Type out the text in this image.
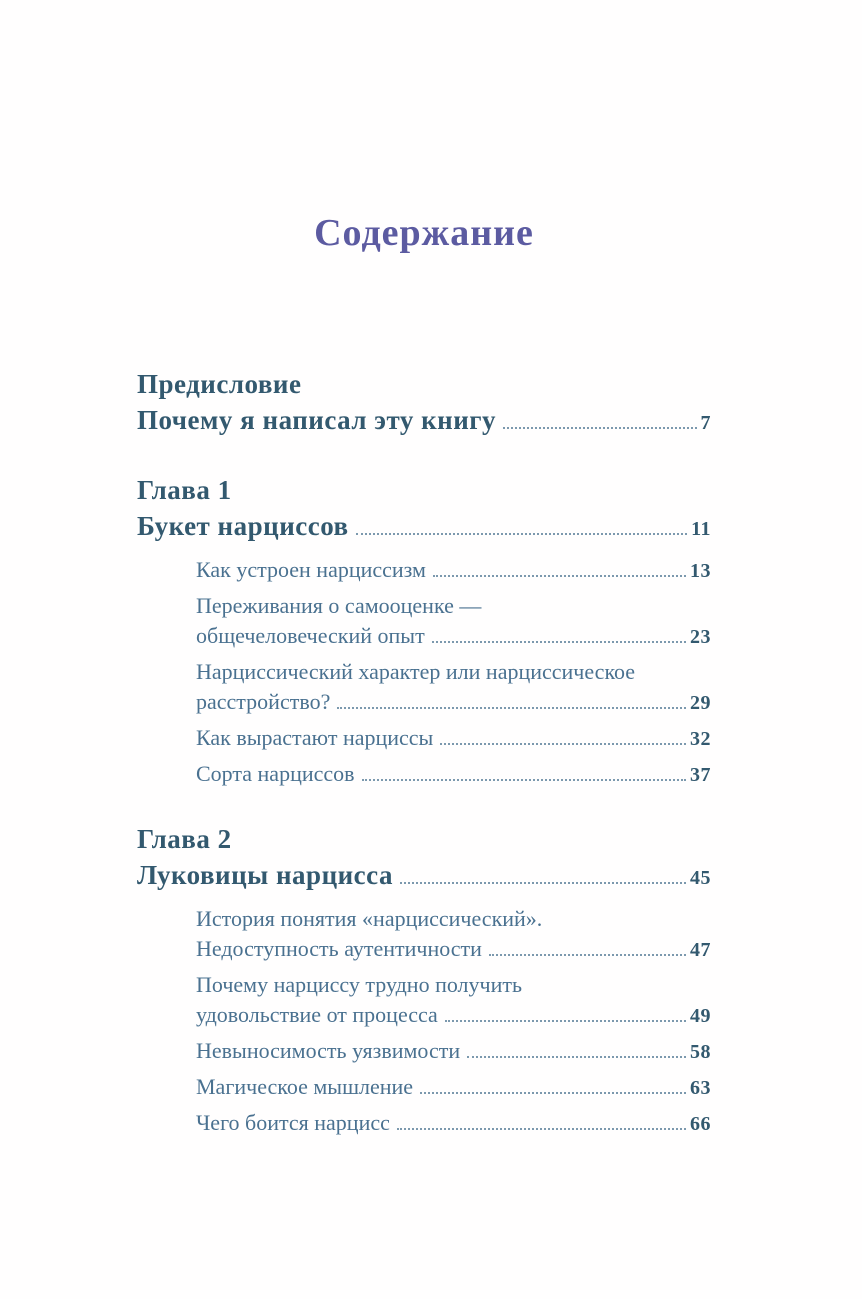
Содержание
Предисловие
Почему я написал эту книгу	7
Глава 1
Букет нарциссов	11
Как устроен нарциссизм	13
Переживания о самооценке —
общечеловеческий опыт	23
Нарциссический характер или нарциссическое
расстройство?	29
Как вырастают нарциссы	32
Сорта нарциссов	37
Глава 2
Луковицы нарцисса	45
История понятия «нарциссический».
Недоступность аутентичности	47
Почему нарциссу трудно получить
удовольствие от процесса	49
Невыносимость уязвимости	58
Магическое мышление	63
Чего боится нарцисс	66
